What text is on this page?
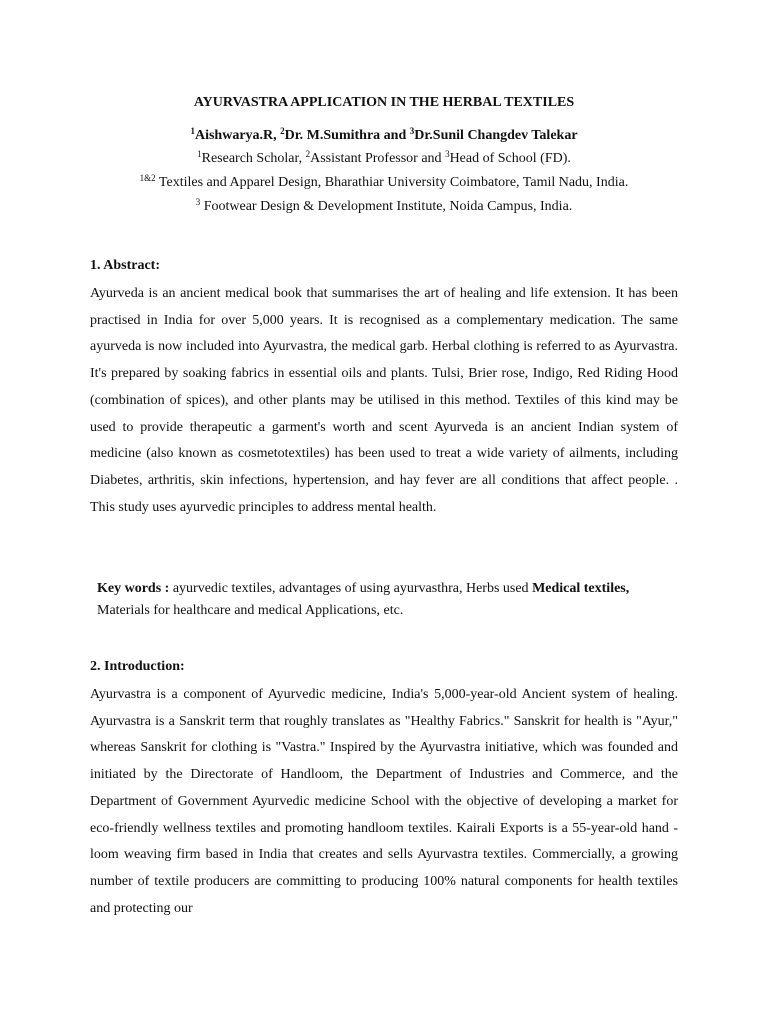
AYURVASTRA APPLICATION IN THE HERBAL TEXTILES
$^1$Aishwarya.R, $^2$Dr. M.Sumithra and $^3$Dr.Sunil Changdev Talekar
$^1$Research Scholar, $^2$Assistant Professor and $^3$Head of School (FD).
$^{1\&2}$ Textiles and Apparel Design, Bharathiar University Coimbatore, Tamil Nadu, India.
$^3$ Footwear Design & Development Institute, Noida Campus, India.
1. Abstract:
Ayurveda is an ancient medical book that summarises the art of healing and life extension. It has been practised in India for over 5,000 years. It is recognised as a complementary medication. The same ayurveda is now included into Ayurvastra, the medical garb. Herbal clothing is referred to as Ayurvastra. It's prepared by soaking fabrics in essential oils and plants. Tulsi, Brier rose, Indigo, Red Riding Hood (combination of spices), and other plants may be utilised in this method. Textiles of this kind may be used to provide therapeutic a garment's worth and scent Ayurveda is an ancient Indian system of medicine (also known as cosmetotextiles) has been used to treat a wide variety of ailments, including Diabetes, arthritis, skin infections, hypertension, and hay fever are all conditions that affect people. . This study uses ayurvedic principles to address mental health.
Key words : ayurvedic textiles, advantages of using ayurvasthra, Herbs used Medical textiles,
Materials for healthcare and medical Applications, etc.
2. Introduction:
Ayurvastra is a component of Ayurvedic medicine, India's 5,000-year-old Ancient system of healing. Ayurvastra is a Sanskrit term that roughly translates as "Healthy Fabrics." Sanskrit for health is "Ayur," whereas Sanskrit for clothing is "Vastra." Inspired by the Ayurvastra initiative, which was founded and initiated by the Directorate of Handloom, the Department of Industries and Commerce, and the Department of Government Ayurvedic medicine School with the objective of developing a market for eco-friendly wellness textiles and promoting handloom textiles. Kairali Exports is a 55-year-old hand - loom weaving firm based in India that creates and sells Ayurvastra textiles. Commercially, a growing number of textile producers are committing to producing 100% natural components for health textiles and protecting our
